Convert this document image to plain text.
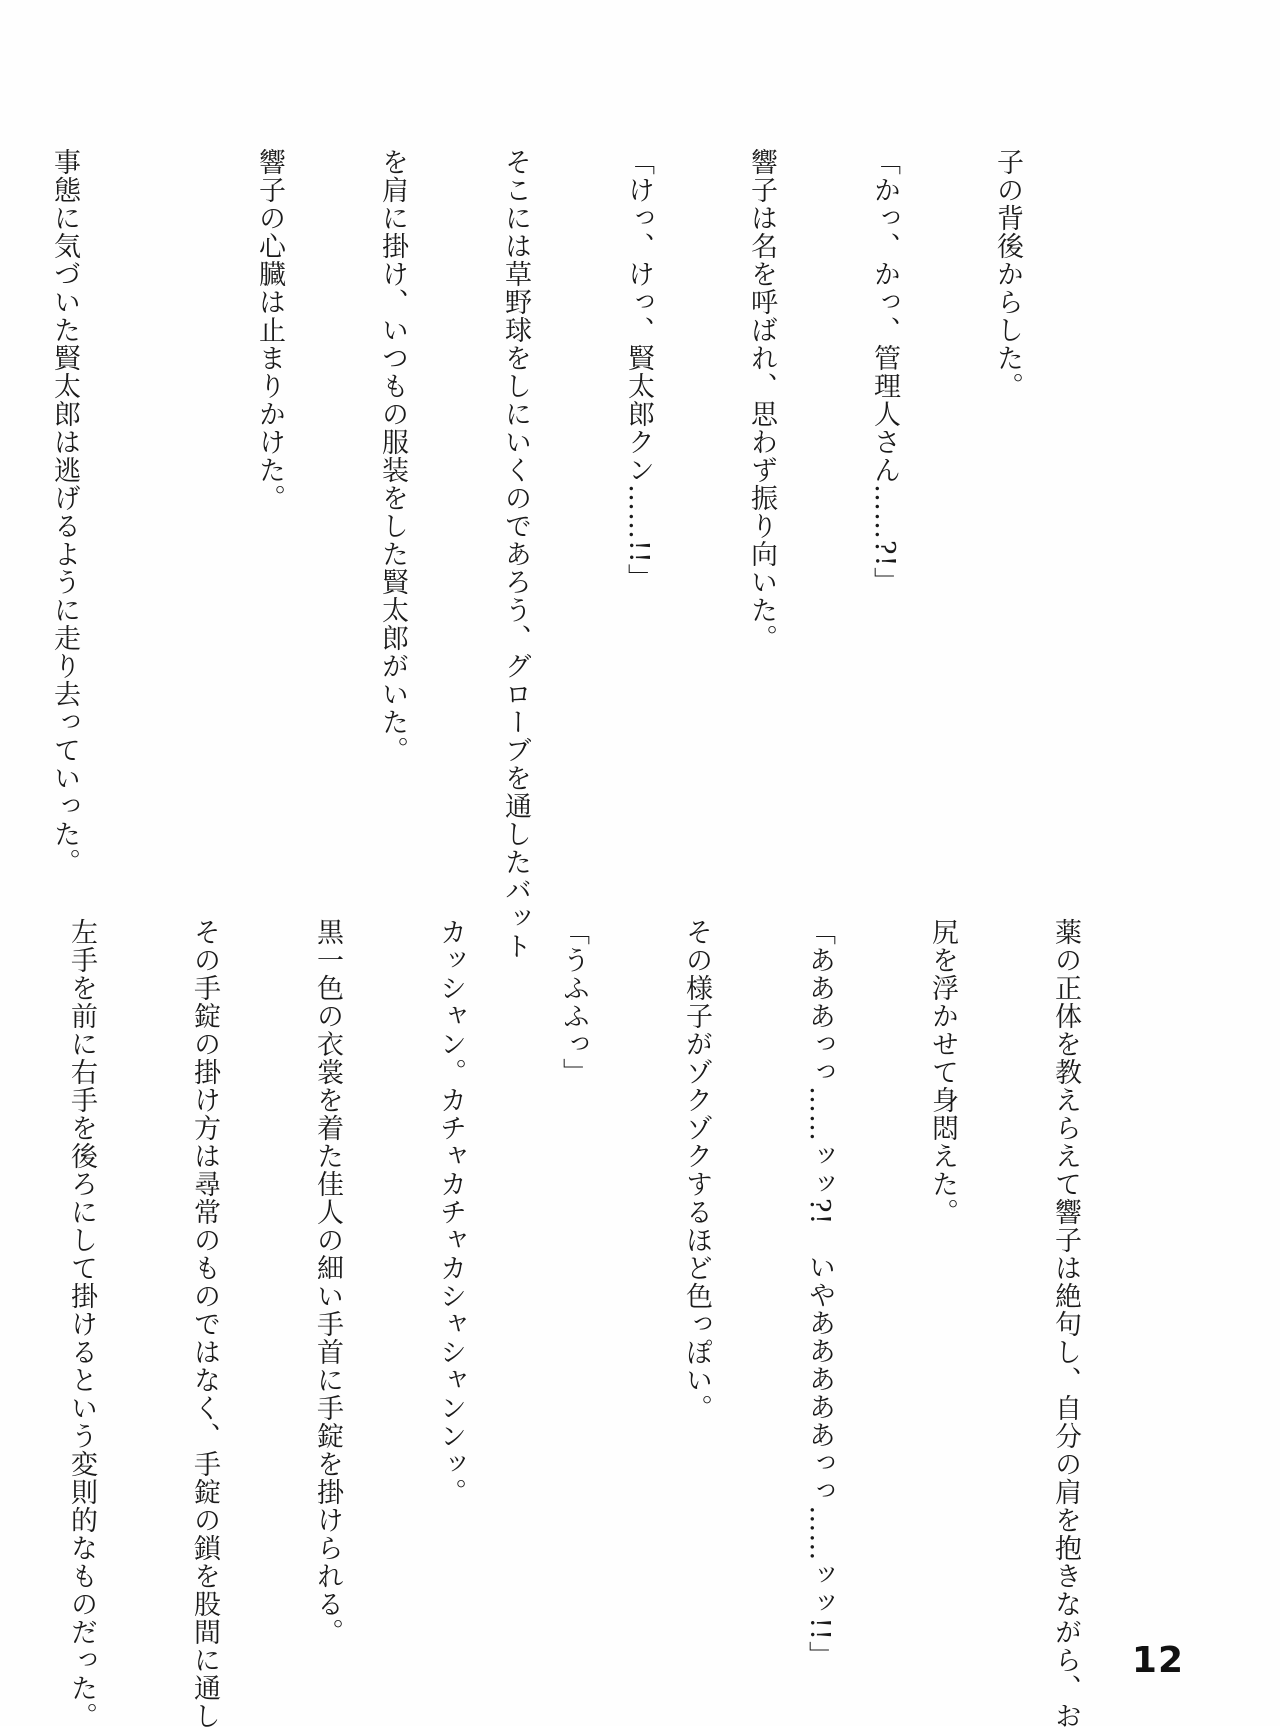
子の背後からした。

「かっ、かっ、管理人さん……?!」

響子は名を呼ばれ、思わず振り向いた。

「けっ、けっ、賢太郎クン……!!」

そこには草野球をしにいくのであろう、グローブを通したバット

を肩に掛け、いつもの服装をした賢太郎がいた。

響子の心臓は止まりかけた。

事態に気づいた賢太郎は逃げるように走り去っていった。

薬の正体を教えらえて響子は絶句し、自分の肩を抱きながら、お

尻を浮かせて身悶えた。

「あああっっ……ッッ?!　いやあああああっっ……ッッ!!」

その様子がゾクゾクするほど色っぽい。

「うふふっ」

カッシャン。カチャカチャカシャシャンンッ。

黒一色の衣裳を着た佳人の細い手首に手錠を掛けられる。

その手錠の掛け方は尋常のものではなく、手錠の鎖を股間に通し

左手を前に右手を後ろにして掛けるという変則的なものだった。

	12
